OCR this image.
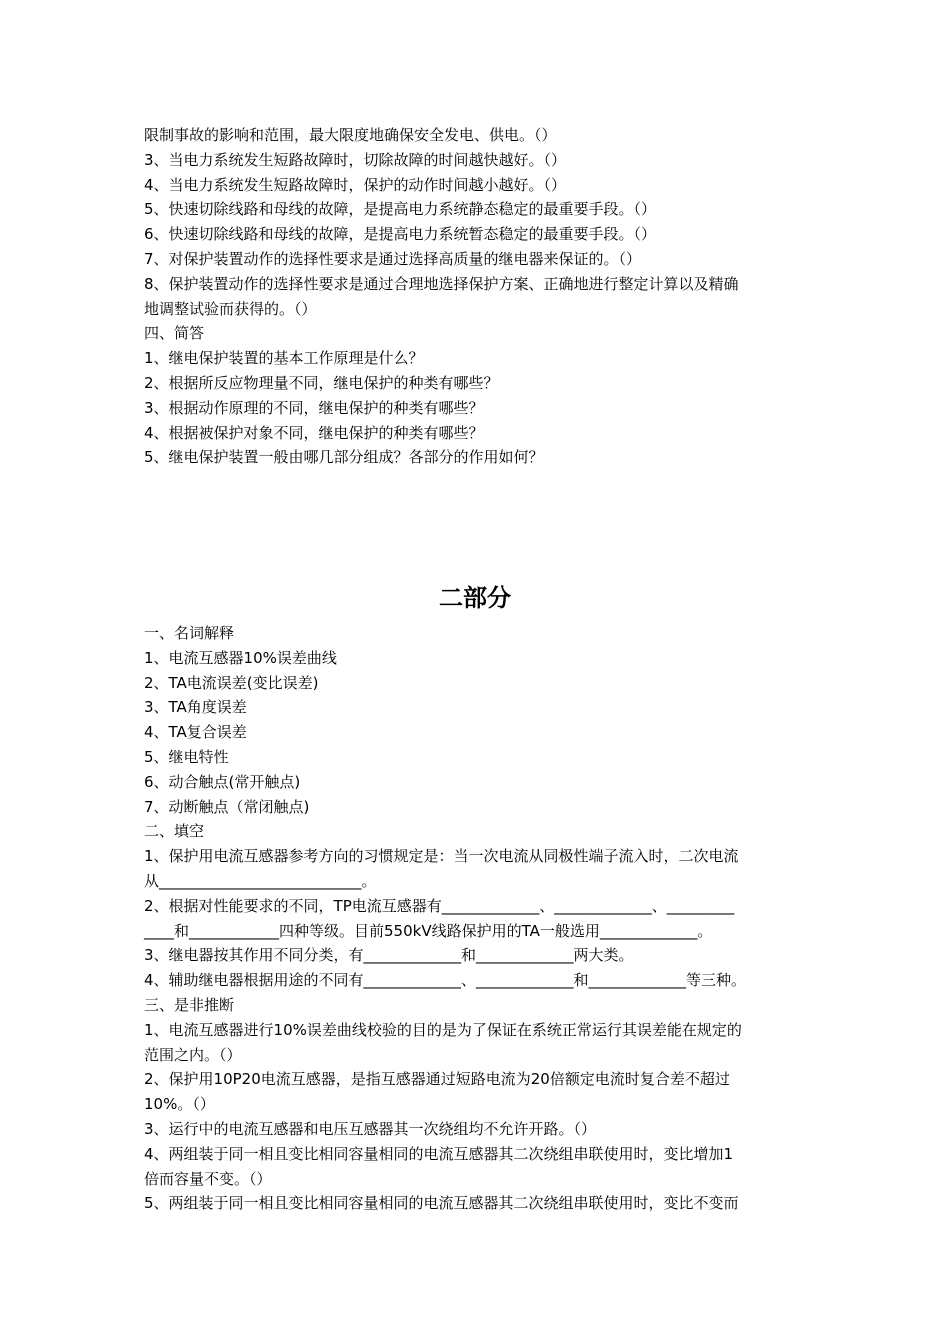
限制事故的影响和范围，最大限度地确保安全发电、供电。（）
3、当电力系统发生短路故障时，切除故障的时间越快越好。（）
4、当电力系统发生短路故障时，保护的动作时间越小越好。（）
5、快速切除线路和母线的故障，是提高电力系统静态稳定的最重要手段。（）
6、快速切除线路和母线的故障，是提高电力系统暂态稳定的最重要手段。（）
7、对保护装置动作的选择性要求是通过选择高质量的继电器来保证的。（）
8、保护装置动作的选择性要求是通过合理地选择保护方案、正确地进行整定计算以及精确
地调整试验而获得的。（）
四、简答
1、继电保护装置的基本工作原理是什么？
2、根据所反应物理量不同，继电保护的种类有哪些？
3、根据动作原理的不同，继电保护的种类有哪些？
4、根据被保护对象不同，继电保护的种类有哪些？
5、继电保护装置一般由哪几部分组成？各部分的作用如何？
二部分
一、名词解释
1、电流互感器10%误差曲线
2、TA电流误差(变比误差)
3、TA角度误差
4、TA复合误差
5、继电特性
6、动合触点(常开触点)
7、动断触点（常闭触点)
二、填空
1、保护用电流互感器参考方向的习惯规定是：当一次电流从同极性端子流入时，二次电流
从___________________________。
2、根据对性能要求的不同，TP电流互感器有_____________、_____________、_________
____和____________四种等级。目前550kV线路保护用的TA一般选用_____________。
3、继电器按其作用不同分类，有_____________和_____________两大类。
4、辅助继电器根据用途的不同有_____________、_____________和_____________等三种。
三、是非推断
1、电流互感器进行10%误差曲线校验的目的是为了保证在系统正常运行其误差能在规定的
范围之内。（）
2、保护用10P20电流互感器，是指互感器通过短路电流为20倍额定电流时复合差不超过
10%。（）
3、运行中的电流互感器和电压互感器其一次绕组均不允许开路。（）
4、两组装于同一相且变比相同容量相同的电流互感器其二次绕组串联使用时，变比增加1
倍而容量不变。（）
5、两组装于同一相且变比相同容量相同的电流互感器其二次绕组串联使用时，变比不变而
